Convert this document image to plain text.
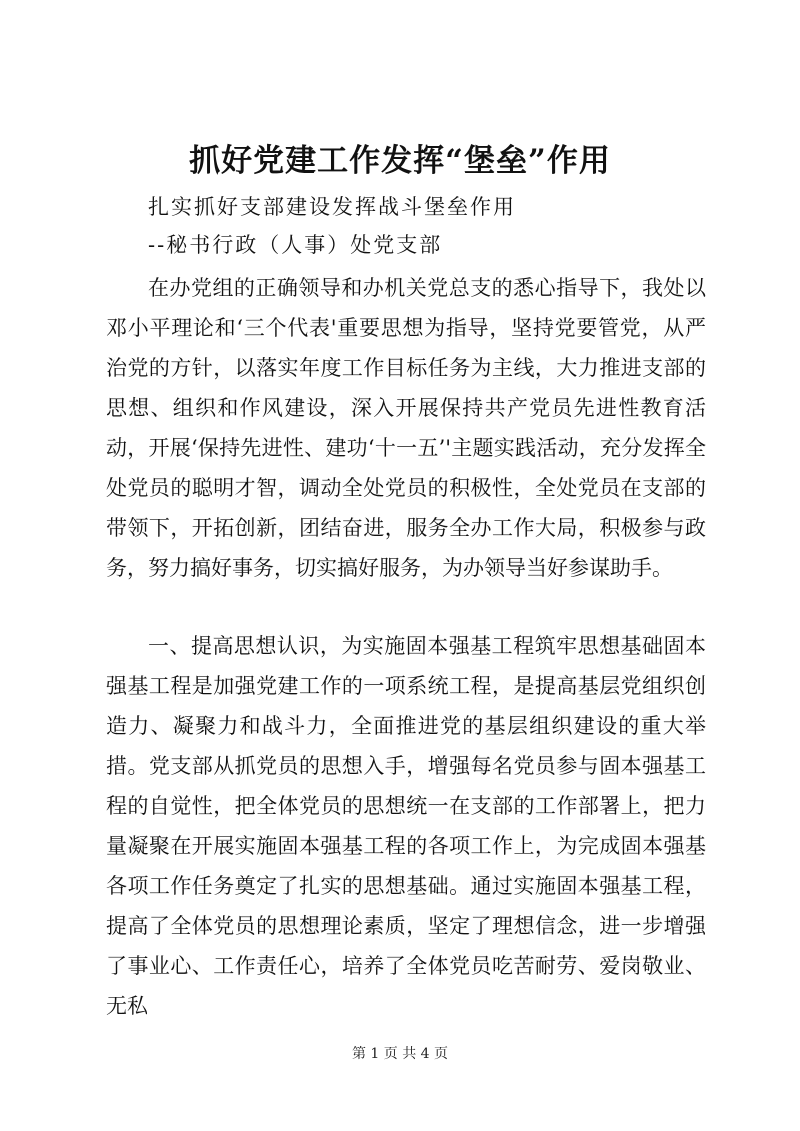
抓好党建工作发挥“堡垒”作用

扎实抓好支部建设发挥战斗堡垒作用

--秘书行政（人事）处党支部

在办党组的正确领导和办机关党总支的悉心指导下，我处以邓小平理论和‘三个代表'重要思想为指导，坚持党要管党，从严治党的方针，以落实年度工作目标任务为主线，大力推进支部的思想、组织和作风建设，深入开展保持共产党员先进性教育活动，开展‘保持先进性、建功‘十一五’'主题实践活动，充分发挥全处党员的聪明才智，调动全处党员的积极性，全处党员在支部的带领下，开拓创新，团结奋进，服务全办工作大局，积极参与政务，努力搞好事务，切实搞好服务，为办领导当好参谋助手。

一、提高思想认识，为实施固本强基工程筑牢思想基础固本强基工程是加强党建工作的一项系统工程，是提高基层党组织创造力、凝聚力和战斗力，全面推进党的基层组织建设的重大举措。党支部从抓党员的思想入手，增强每名党员参与固本强基工程的自觉性，把全体党员的思想统一在支部的工作部署上，把力量凝聚在开展实施固本强基工程的各项工作上，为完成固本强基各项工作任务奠定了扎实的思想基础。通过实施固本强基工程，提高了全体党员的思想理论素质，坚定了理想信念，进一步增强了事业心、工作责任心，培养了全体党员吃苦耐劳、爱岗敬业、无私

第 1 页 共 4 页
